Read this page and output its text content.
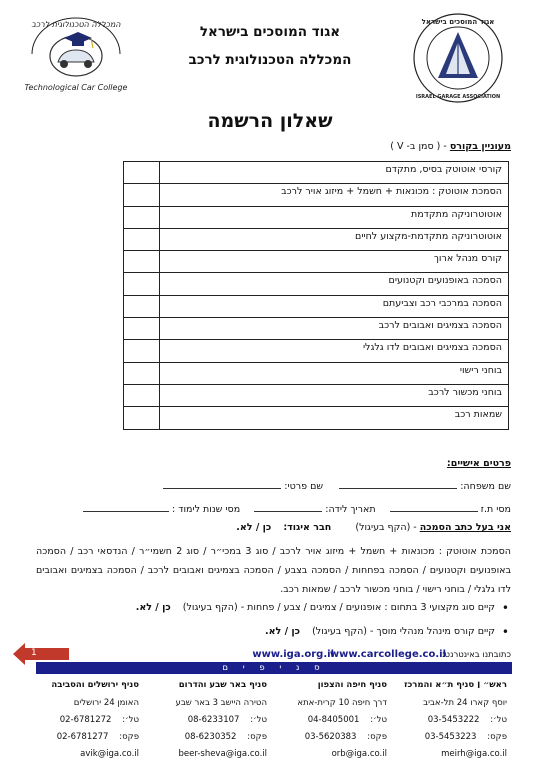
Technological Car College
המכללה הטכנולוגית לרכב	אגוד המוסכים בישראל
ISRAEL GARAGE ASSOCIATION
אגוד המוסכים בישראל
המכללה הטכנולוגית לרכב
שאלון הרשמה
מעוניין בקורס - ( סמן ב- V )
קורסי אוטוטק בסיס, מתקדם	
הסמכת אוטוטק : מכונאות + חשמל + מיזוג אויר לרכב	
אוטוטרוניקה מתקדמת	
אוטוטרוניקה מתקדמת-מקצוע לחיים	
קורס מנהל ארוך	
הסמכה באופנועים וקטנועים	
הסמכה במרכבי רכב וצביעתם	
הסמכה בצמיגים ואבובים לרכב	
הסמכה בצמיגים ואבובים לדו גלגלי	
בוחני רישוי	
בוחני מכשור לרכב	
שמאות רכב	
פרטים אישיים:
שם משפחה:   שם פרטי:
מסי ת.ז   תאריך לידה:   מסי שנות לימוד :
אני בעל כתב הסמכה - (הקף בעיגול)  חבר איגוד:  כן / לא.
הסמכת אוטוטק : מכונאות + חשמל + מיזוג אויר לרכב / סוג 3 במכי״ר / סוג 2 חשמי״ר / הנדסאי רכב / הסמכה באופנועים וקטנועים / הסמכה בפחחות / הסמכה בצבע / הסמכה בצמיגים ואבובים לרכב / הסמכה בצמיגים ואבובים לדו גלגלי / בוחני רישוי / בוחני מכשור לרכב / שמאות רכב.
• קיים סוג מקצועי 3 בתחום : אופנועים / צמיגים / צבע / פחחות - (הקף בעיגול)  כן / לא.
• קיים קורס מינהל מנהלי מוסך - (הקף בעיגול)  כן / לא.
כתובתנו באינטרנט:
www.iga.org.il
www.carcollege.co.il
ס נ י פ י ם
1
ראש״ ׀ סניף ת״א והמרכז
יוסף קארו 24 תל-אביב
טל׳:    03-5453222
פקס:    03-5453223
meirh@iga.co.il
סניף חיפה והצפון
דרך חיפה 10 קרית-אתא
טל׳:    04-8405001
פקס:    03-5620383
orb@iga.co.il
סניף באר שבע והדרום
הטירה היישב 3 באר שבע
טל׳:    08-6233107
פקס:    08-6230352
beer-sheva@iga.co.il
סניף ירושלים והסביבה
האומן 24 ירושלים
טל׳:    02-6781272
פקס:    02-6781277
avik@iga.co.il
